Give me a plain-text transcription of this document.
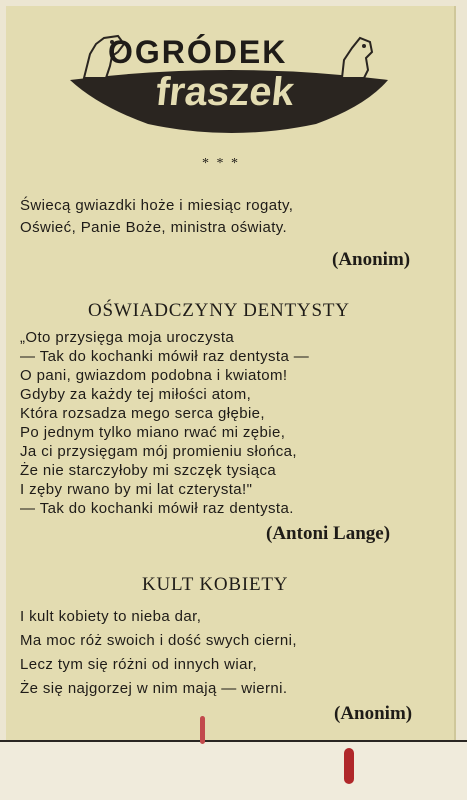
OGRÓDEK
fraszek
* * *
Świecą gwiazdki hoże i miesiąc rogaty,
Oświeć, Panie Boże, ministra oświaty.
(Anonim)
OŚWIADCZYNY DENTYSTY
„Oto przysięga moja uroczysta
— Tak do kochanki mówił raz dentysta —
O pani, gwiazdom podobna i kwiatom!
Gdyby za każdy tej miłości atom,
Która rozsadza mego serca głębie,
Po jednym tylko miano rwać mi zębie,
Ja ci przysięgam mój promieniu słońca,
Że nie starczyłoby mi szczęk tysiąca
I zęby rwano by mi lat czterysta!"
— Tak do kochanki mówił raz dentysta.
(Antoni Lange)
KULT KOBIETY
I kult kobiety to nieba dar,
Ma moc róż swoich i dość swych cierni,
Lecz tym się różni od innych wiar,
Że się najgorzej w nim mają — wierni.
(Anonim)
